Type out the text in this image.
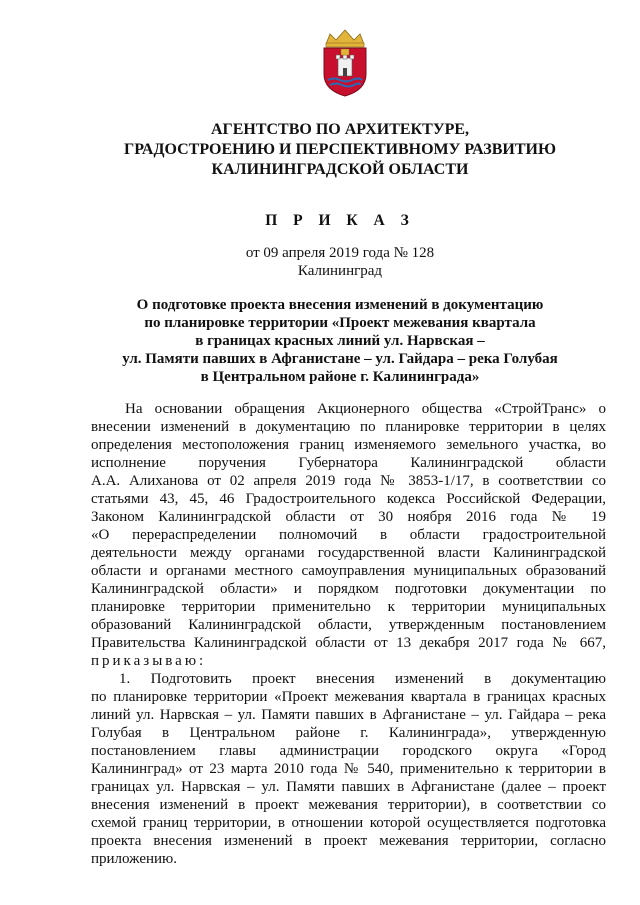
АГЕНТСТВО ПО АРХИТЕКТУРЕ,
ГРАДОСТРОЕНИЮ И ПЕРСПЕКТИВНОМУ РАЗВИТИЮ
КАЛИНИНГРАДСКОЙ ОБЛАСТИ
П Р И К А З
от 09 апреля 2019 года № 128
Калининград
О подготовке проекта внесения изменений в документацию
по планировке территории «Проект межевания квартала
в границах красных линий ул. Нарвская –
ул. Памяти павших в Афганистане – ул. Гайдара – река Голубая
в Центральном районе г. Калининграда»
На основании обращения Акционерного общества «СтройТранс» о
внесении изменений в документацию по планировке территории в целях
определения местоположения границ изменяемого земельного участка, во
исполнение поручения Губернатора Калининградской области
А.А. Алиханова от 02 апреля 2019 года № 3853-1/17, в соответствии со
статьями 43, 45, 46 Градостроительного кодекса Российской Федерации,
Законом Калининградской области от 30 ноября 2016 года № 19
«О перераспределении полномочий в области градостроительной
деятельности между органами государственной власти Калининградской
области и органами местного самоуправления муниципальных образований
Калининградской области» и порядком подготовки документации по
планировке территории применительно к территории муниципальных
образований Калининградской области, утвержденным постановлением
Правительства Калининградской области от 13 декабря 2017 года № 667,
приказываю:
1. Подготовить проект внесения изменений в документацию
по планировке территории «Проект межевания квартала в границах красных
линий ул. Нарвская – ул. Памяти павших в Афганистане – ул. Гайдара – река
Голубая в Центральном районе г. Калининграда», утвержденную
постановлением главы администрации городского округа «Город
Калининград» от 23 марта 2010 года № 540, применительно к территории в
границах ул. Нарвская – ул. Памяти павших в Афганистане (далее – проект
внесения изменений в проект межевания территории), в соответствии со
схемой границ территории, в отношении которой осуществляется подготовка
проекта внесения изменений в проект межевания территории, согласно
приложению.
